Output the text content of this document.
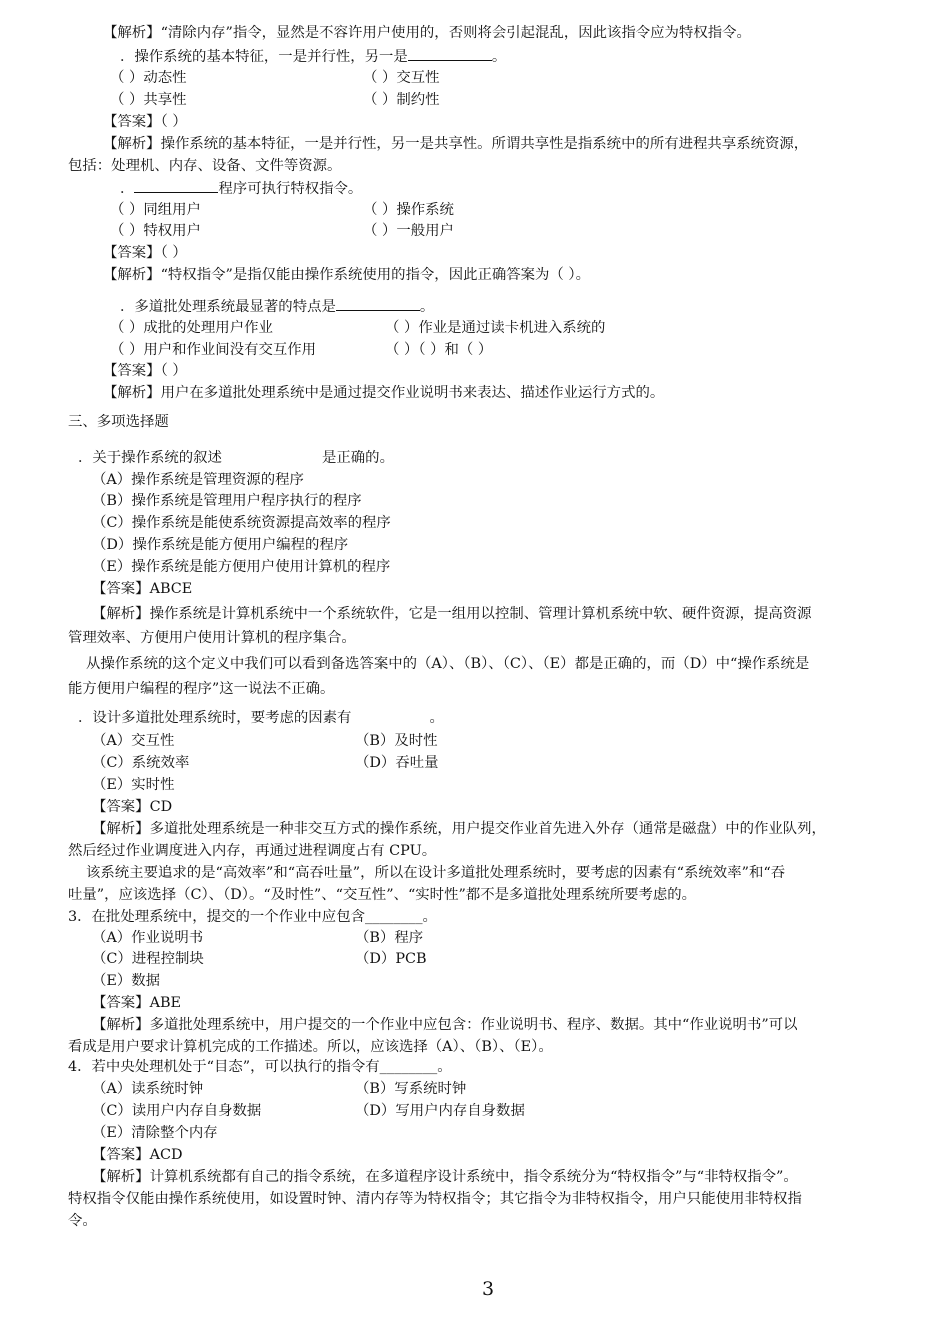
【解析】“清除内存”指令，显然是不容许用户使用的，否则将会引起混乱，因此该指令应为特权指令。
．操作系统的基本特征，一是并行性，另一是	。
（ ）动态性	（ ）交互性
（ ）共享性	（ ）制约性
【答案】（ ）
【解析】操作系统的基本特征，一是并行性，另一是共享性。所谓共享性是指系统中的所有进程共享系统资源，
包括：处理机、内存、设备、文件等资源。
．	程序可执行特权指令。
（ ）同组用户	（ ）操作系统
（ ）特权用户	（ ）一般用户
【答案】（ ）
【解析】“特权指令”是指仅能由操作系统使用的指令，因此正确答案为（ ）。
．多道批处理系统最显著的特点是	。
（ ）成批的处理用户作业	（ ）作业是通过读卡机进入系统的
（ ）用户和作业间没有交互作用	（ ）（ ）和（ ）
【答案】（ ）
【解析】用户在多道批处理系统中是通过提交作业说明书来表达、描述作业运行方式的。
三、多项选择题
．关于操作系统的叙述	是正确的。
（A）操作系统是管理资源的程序
（B）操作系统是管理用户程序执行的程序
（C）操作系统是能使系统资源提高效率的程序
（D）操作系统是能方便用户编程的程序
（E）操作系统是能方便用户使用计算机的程序
【答案】ABCE
【解析】操作系统是计算机系统中一个系统软件，它是一组用以控制、管理计算机系统中软、硬件资源，提高资源
管理效率、方便用户使用计算机的程序集合。
从操作系统的这个定义中我们可以看到备选答案中的（A）、（B）、（C）、（E）都是正确的，而（D）中“操作系统是
能方便用户编程的程序”这一说法不正确。
．设计多道批处理系统时，要考虑的因素有	。
（A）交互性	（B）及时性
（C）系统效率	（D）吞吐量
（E）实时性
【答案】CD
【解析】多道批处理系统是一种非交互方式的操作系统，用户提交作业首先进入外存（通常是磁盘）中的作业队列，
然后经过作业调度进入内存，再通过进程调度占有 CPU。
该系统主要追求的是“高效率”和“高吞吐量”，所以在设计多道批处理系统时，要考虑的因素有“系统效率”和“吞
吐量”，应该选择（C）、（D）。“及时性”、“交互性”、“实时性”都不是多道批处理系统所要考虑的。
3．在批处理系统中，提交的一个作业中应包含________。
（A）作业说明书	（B）程序
（C）进程控制块	（D）PCB
（E）数据
【答案】ABE
【解析】多道批处理系统中，用户提交的一个作业中应包含：作业说明书、程序、数据。其中“作业说明书”可以
看成是用户要求计算机完成的工作描述。所以，应该选择（A）、（B）、（E）。
4．若中央处理机处于“目态”，可以执行的指令有________。
（A）读系统时钟	（B）写系统时钟
（C）读用户内存自身数据	（D）写用户内存自身数据
（E）清除整个内存
【答案】ACD
【解析】计算机系统都有自己的指令系统，在多道程序设计系统中，指令系统分为“特权指令”与“非特权指令”。
特权指令仅能由操作系统使用，如设置时钟、清内存等为特权指令；其它指令为非特权指令，用户只能使用非特权指
令。
3
